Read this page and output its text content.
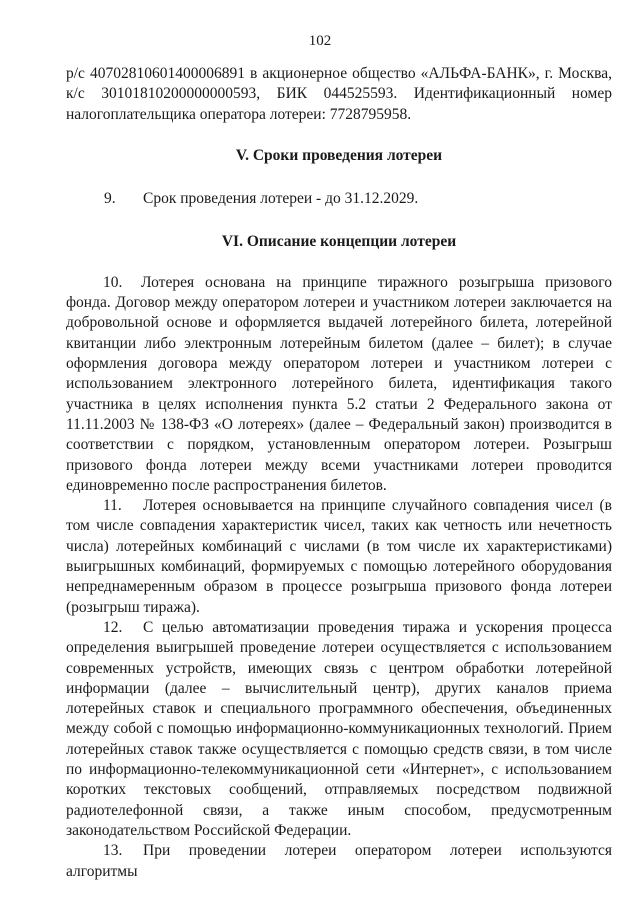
102
р/с 40702810601400006891 в акционерное общество «АЛЬФА-БАНК», г. Москва,
к/с 30101810200000000593, БИК 044525593. Идентификационный номер
налогоплательщика оператора лотереи: 7728795958.

V. Сроки проведения лотереи

9. Срок проведения лотереи - до 31.12.2029.

VI. Описание концепции лотереи

10. Лотерея основана на принципе тиражного розыгрыша призового фонда. Договор между оператором лотереи и участником лотереи заключается на добровольной основе и оформляется выдачей лотерейного билета, лотерейной квитанции либо электронным лотерейным билетом (далее – билет); в случае оформления договора между оператором лотереи и участником лотереи с использованием электронного лотерейного билета, идентификация такого участника в целях исполнения пункта 5.2 статьи 2 Федерального закона от 11.11.2003 № 138-ФЗ «О лотереях» (далее – Федеральный закон) производится в соответствии с порядком, установленным оператором лотереи. Розыгрыш призового фонда лотереи между всеми участниками лотереи проводится единовременно после распространения билетов.

11. Лотерея основывается на принципе случайного совпадения чисел (в том числе совпадения характеристик чисел, таких как четность или нечетность числа) лотерейных комбинаций с числами (в том числе их характеристиками) выигрышных комбинаций, формируемых с помощью лотерейного оборудования непреднамеренным образом в процессе розыгрыша призового фонда лотереи (розыгрыш тиража).

12. С целью автоматизации проведения тиража и ускорения процесса определения выигрышей проведение лотереи осуществляется с использованием современных устройств, имеющих связь с центром обработки лотерейной информации (далее – вычислительный центр), других каналов приема лотерейных ставок и специального программного обеспечения, объединенных между собой с помощью информационно-коммуникационных технологий. Прием лотерейных ставок также осуществляется с помощью средств связи, в том числе по информационно-телекоммуникационной сети «Интернет», с использованием коротких текстовых сообщений, отправляемых посредством подвижной радиотелефонной связи, а также иным способом, предусмотренным законодательством Российской Федерации.

13. При проведении лотереи оператором лотереи используются алгоритмы
